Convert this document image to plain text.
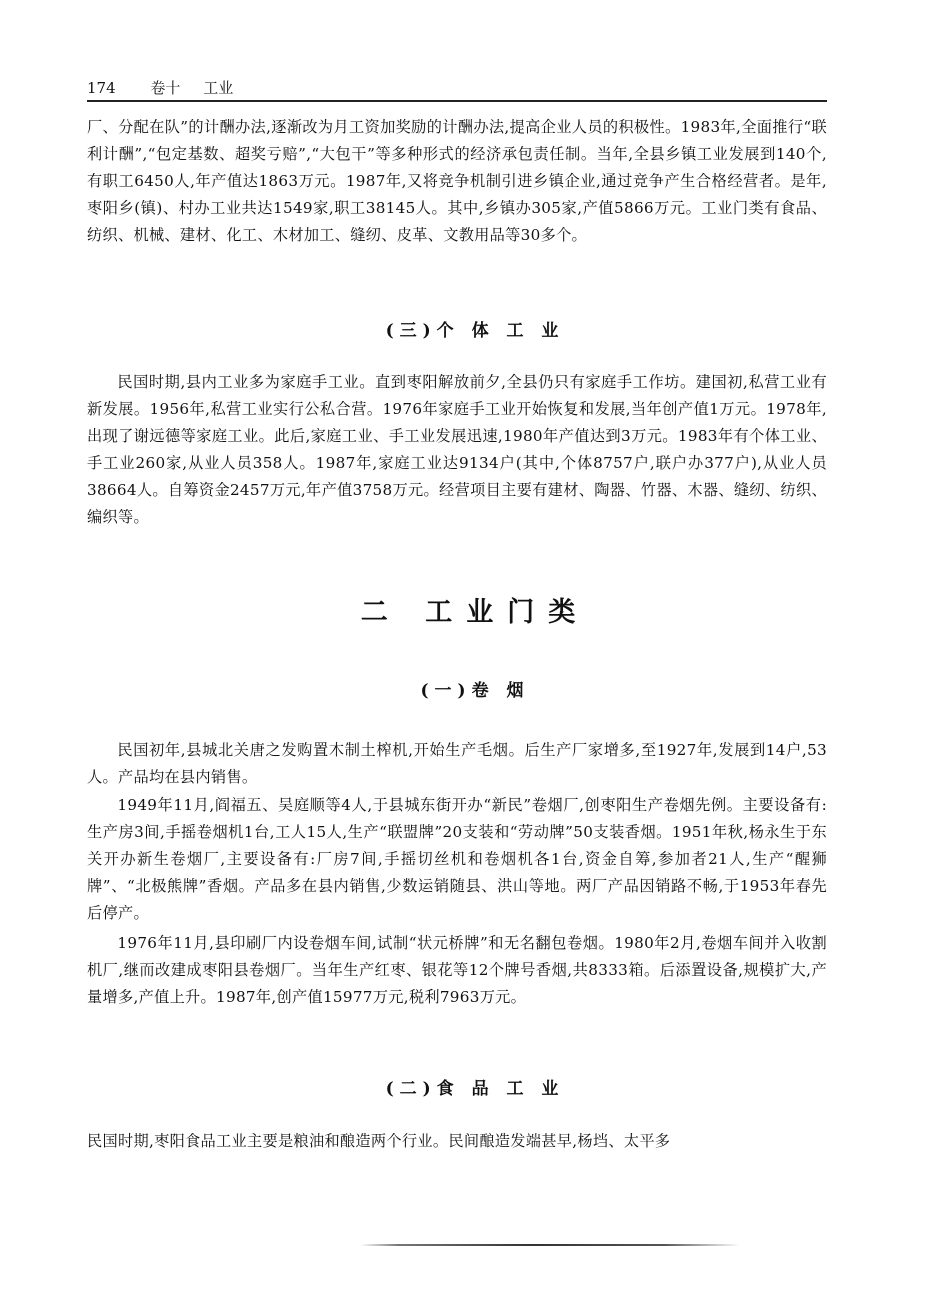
174 卷十 工业

厂、分配在队”的计酬办法,逐渐改为月工资加奖励的计酬办法,提高企业人员的积极性。1983年,全面推行“联利计酬”,“包定基数、超奖亏赔”,“大包干”等多种形式的经济承包责任制。当年,全县乡镇工业发展到140个,有职工6450人,年产值达1863万元。1987年,又将竞争机制引进乡镇企业,通过竞争产生合格经营者。是年,枣阳乡(镇)、村办工业共达1549家,职工38145人。其中,乡镇办305家,产值5866万元。工业门类有食品、纺织、机械、建材、化工、木材加工、缝纫、皮革、文教用品等30多个。

(三)个 体 工 业

民国时期,县内工业多为家庭手工业。直到枣阳解放前夕,全县仍只有家庭手工作坊。建国初,私营工业有新发展。1956年,私营工业实行公私合营。1976年家庭手工业开始恢复和发展,当年创产值1万元。1978年,出现了谢远德等家庭工业。此后,家庭工业、手工业发展迅速,1980年产值达到3万元。1983年有个体工业、手工业260家,从业人员358人。1987年,家庭工业达9134户(其中,个体8757户,联户办377户),从业人员38664人。自筹资金2457万元,年产值3758万元。经营项目主要有建材、陶器、竹器、木器、缝纫、纺织、编织等。

二 工业门类
(一)卷 烟

民国初年,县城北关唐之发购置木制土榨机,开始生产毛烟。后生产厂家增多,至1927年,发展到14户,53人。产品均在县内销售。

1949年11月,阎福五、吴庭顺等4人,于县城东街开办“新民”卷烟厂,创枣阳生产卷烟先例。主要设备有:生产房3间,手摇卷烟机1台,工人15人,生产“联盟牌”20支装和“劳动牌”50支装香烟。1951年秋,杨永生于东关开办新生卷烟厂,主要设备有:厂房7间,手摇切丝机和卷烟机各1台,资金自筹,参加者21人,生产“醒狮牌”、“北极熊牌”香烟。产品多在县内销售,少数运销随县、洪山等地。两厂产品因销路不畅,于1953年春先后停产。

1976年11月,县印刷厂内设卷烟车间,试制“状元桥牌”和无名翻包卷烟。1980年2月,卷烟车间并入收割机厂,继而改建成枣阳县卷烟厂。当年生产红枣、银花等12个牌号香烟,共8333箱。后添置设备,规模扩大,产量增多,产值上升。1987年,创产值15977万元,税利7963万元。

(二)食 品 工 业

民国时期,枣阳食品工业主要是粮油和酿造两个行业。民间酿造发端甚早,杨垱、太平多
